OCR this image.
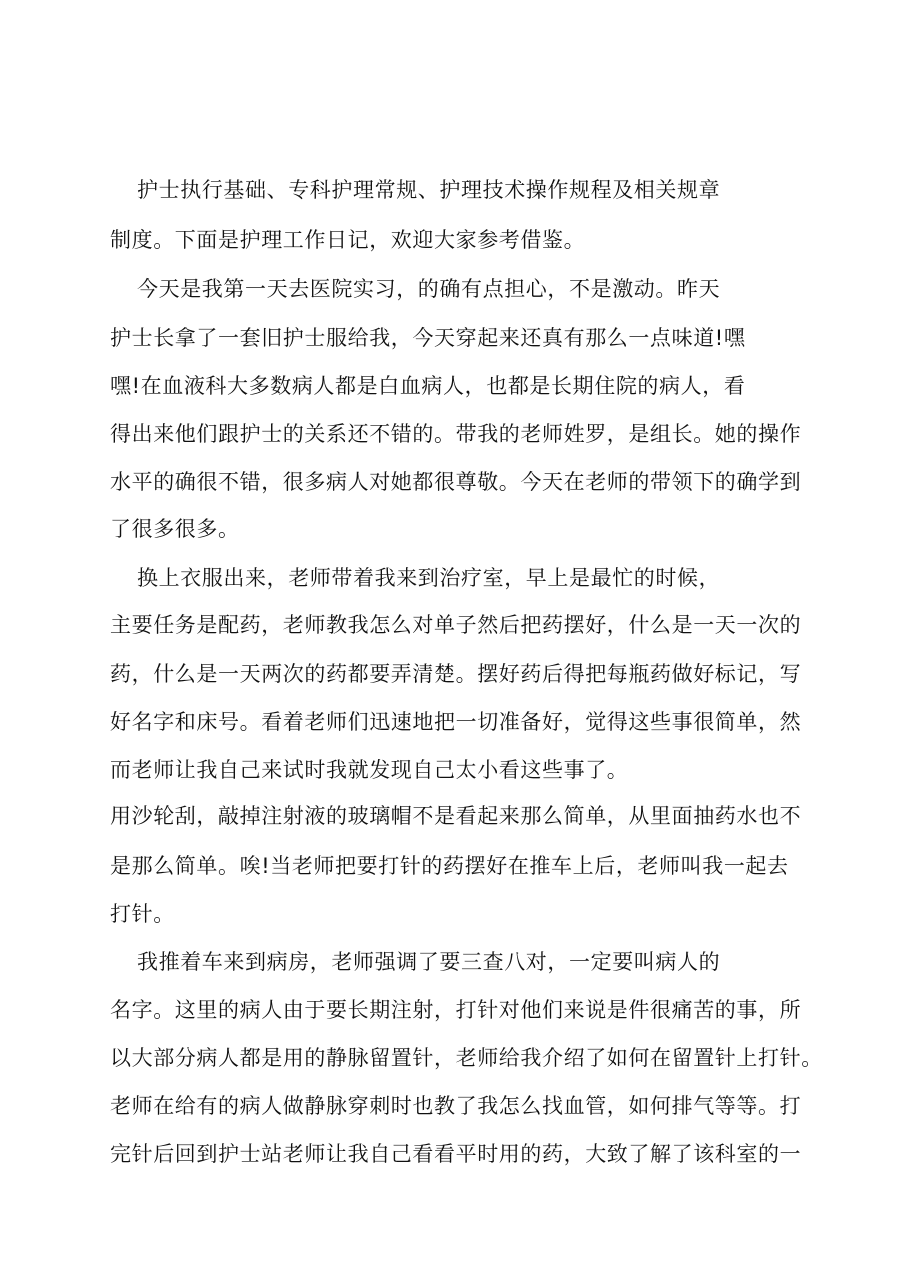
护士执行基础、专科护理常规、护理技术操作规程及相关规章
制度。下面是护理工作日记，欢迎大家参考借鉴。
今天是我第一天去医院实习，的确有点担心，不是激动。昨天
护士长拿了一套旧护士服给我，今天穿起来还真有那么一点味道!嘿
嘿!在血液科大多数病人都是白血病人，也都是长期住院的病人，看
得出来他们跟护士的关系还不错的。带我的老师姓罗，是组长。她的操作
水平的确很不错，很多病人对她都很尊敬。今天在老师的带领下的确学到
了很多很多。
换上衣服出来，老师带着我来到治疗室，早上是最忙的时候，
主要任务是配药，老师教我怎么对单子然后把药摆好，什么是一天一次的
药，什么是一天两次的药都要弄清楚。摆好药后得把每瓶药做好标记，写
好名字和床号。看着老师们迅速地把一切准备好，觉得这些事很简单，然
而老师让我自己来试时我就发现自己太小看这些事了。
用沙轮刮，敲掉注射液的玻璃帽不是看起来那么简单，从里面抽药水也不
是那么简单。唉!当老师把要打针的药摆好在推车上后，老师叫我一起去
打针。
我推着车来到病房，老师强调了要三查八对，一定要叫病人的
名字。这里的病人由于要长期注射，打针对他们来说是件很痛苦的事，所
以大部分病人都是用的静脉留置针，老师给我介绍了如何在留置针上打针。
老师在给有的病人做静脉穿刺时也教了我怎么找血管，如何排气等等。打
完针后回到护士站老师让我自己看看平时用的药，大致了解了该科室的一
